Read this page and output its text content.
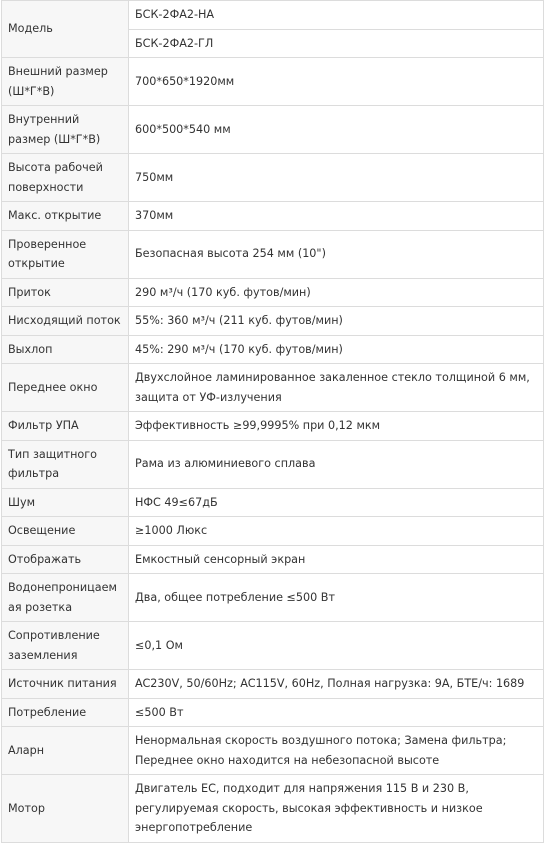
Модель	БСК-2ФА2-НА
	БСК-2ФА2-ГЛ
Внешний размер (Ш*Г*В)	700*650*1920мм
Внутренний размер (Ш*Г*В)	600*500*540 мм
Высота рабочей поверхности	750мм
Макс. открытие	370мм
Проверенное открытие	Безопасная высота 254 мм (10")
Приток	290 м³/ч (170 куб. футов/мин)
Нисходящий поток	55%: 360 м³/ч (211 куб. футов/мин)
Выхлоп	45%: 290 м³/ч (170 куб. футов/мин)
Переднее окно	Двухслойное ламинированное закаленное стекло толщиной 6 мм, защита от УФ-излучения
Фильтр УПА	Эффективность ≥99,9995% при 0,12 мкм
Тип защитного фильтра	Рама из алюминиевого сплава
Шум	НФС 49≤67дБ
Освещение	≥1000 Люкс
Отображать	Емкостный сенсорный экран
Водонепроницаемая розетка	Два, общее потребление ≤500 Вт
Сопротивление заземления	≤0,1 Ом
Источник питания	AC230V, 50/60Hz; AC115V, 60Hz, Полная нагрузка: 9A, БТЕ/ч: 1689
Потребление	≤500 Вт
Аларн	Ненормальная скорость воздушного потока; Замена фильтра; Переднее окно находится на небезопасной высоте
Мотор	Двигатель ЕС, подходит для напряжения 115 В и 230 В, регулируемая скорость, высокая эффективность и низкое энергопотребление
